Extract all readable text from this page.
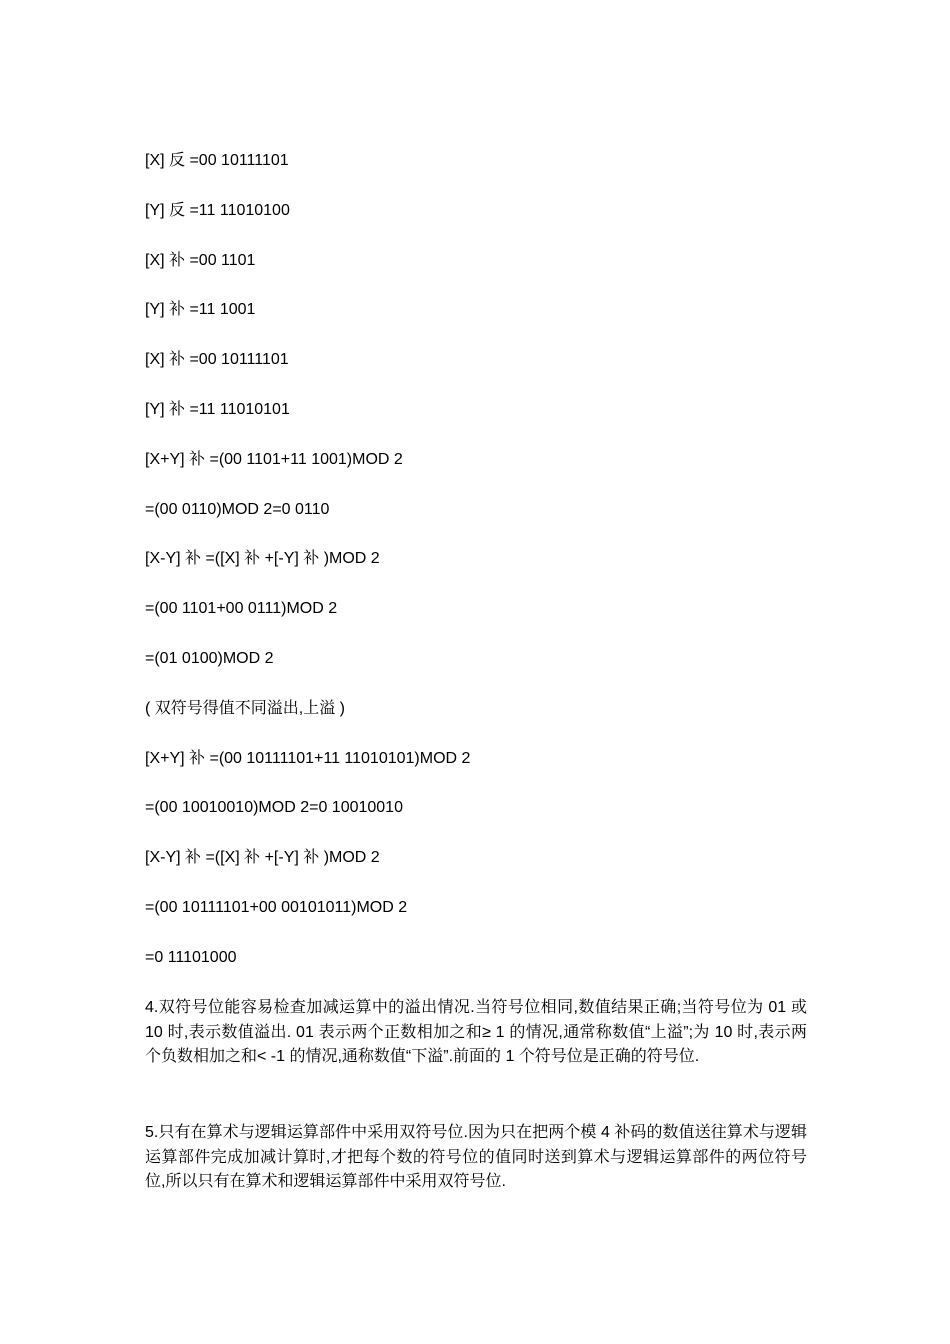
[X] 反 =00 10111101
[Y] 反 =11 11010100
[X] 补 =00 1101
[Y] 补 =11 1001
[X] 补 =00 10111101
[Y] 补 =11 11010101
[X+Y] 补 =(00 1101+11 1001)MOD 2
=(00 0110)MOD 2=0 0110
[X-Y] 补 =([X] 补 +[-Y] 补 )MOD 2
=(00 1101+00 0111)MOD 2
=(01 0100)MOD 2
( 双符号得值不同溢出,上溢 )
[X+Y] 补 =(00 10111101+11 11010101)MOD 2
=(00 10010010)MOD 2=0 10010010
[X-Y] 补 =([X] 补 +[-Y] 补 )MOD 2
=(00 10111101+00 00101011)MOD 2
=0 11101000
4.双符号位能容易检查加减运算中的溢出情况.当符号位相同,数值结果正确;当符号位为 01 或 10 时,表示数值溢出. 01 表示两个正数相加之和≥ 1 的情况,通常称数值“上溢”;为 10 时,表示两个负数相加之和< -1 的情况,通称数值“下溢”.前面的 1 个符号位是正确的符号位.
5.只有在算术与逻辑运算部件中采用双符号位.因为只在把两个模 4 补码的数值送往算术与逻辑运算部件完成加减计算时,才把每个数的符号位的值同时送到算术与逻辑运算部件的两位符号位,所以只有在算术和逻辑运算部件中采用双符号位.
